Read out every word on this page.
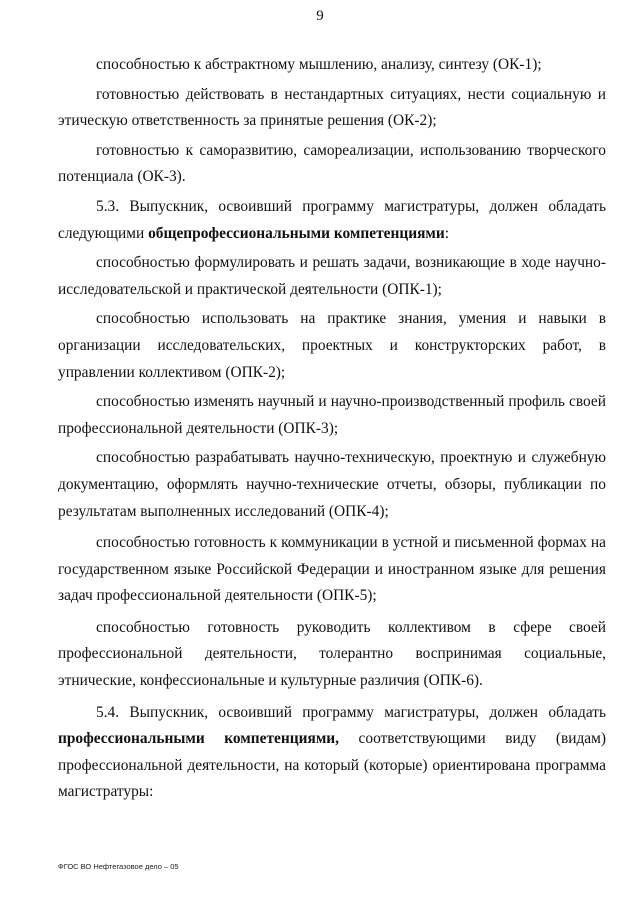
9

способностью к абстрактному мышлению, анализу, синтезу (ОК-1);

готовностью действовать в нестандартных ситуациях, нести социальную и этическую ответственность за принятые решения (ОК-2);

готовностью к саморазвитию, самореализации, использованию творческого потенциала (ОК-3).

5.3. Выпускник, освоивший программу магистратуры, должен обладать следующими общепрофессиональными компетенциями:

способностью формулировать и решать задачи, возникающие в ходе научно-исследовательской и практической деятельности (ОПК-1);

способностью использовать на практике знания, умения и навыки в организации исследовательских, проектных и конструкторских работ, в управлении коллективом (ОПК-2);

способностью изменять научный и научно-производственный профиль своей профессиональной деятельности (ОПК-3);

способностью разрабатывать научно-техническую, проектную и служебную документацию, оформлять научно-технические отчеты, обзоры, публикации по результатам выполненных исследований (ОПК-4);

способностью готовность к коммуникации в устной и письменной формах на государственном языке Российской Федерации и иностранном языке для решения задач профессиональной деятельности (ОПК-5);

способностью готовность руководить коллективом в сфере своей профессиональной деятельности, толерантно воспринимая социальные, этнические, конфессиональные и культурные различия (ОПК-6).

5.4. Выпускник, освоивший программу магистратуры, должен обладать профессиональными компетенциями, соответствующими виду (видам) профессиональной деятельности, на который (которые) ориентирована программа магистратуры:

ФГОС ВО Нефтегазовое дело – 05
